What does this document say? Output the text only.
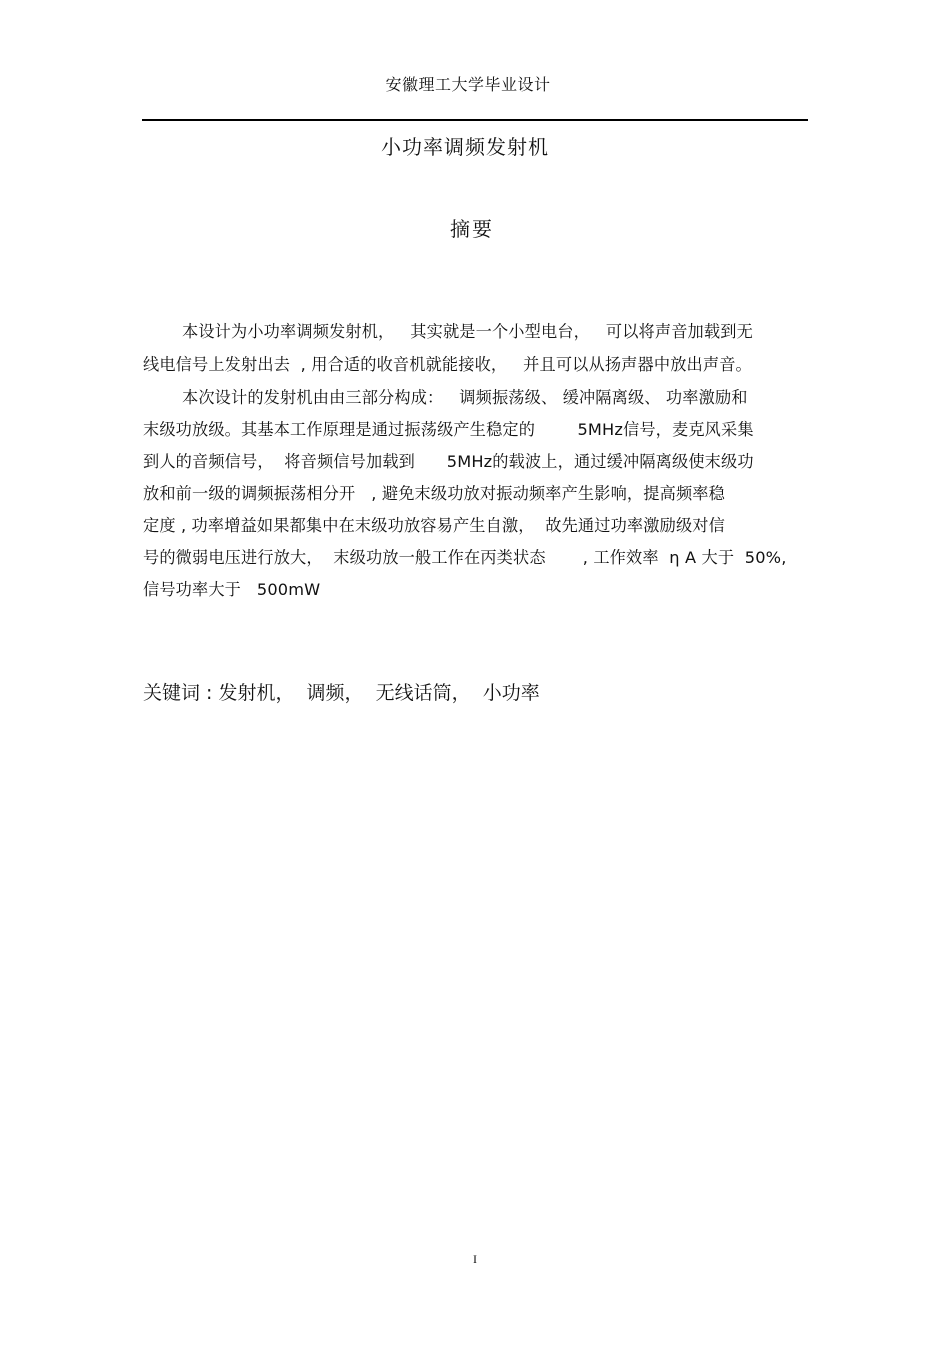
安徽理工大学毕业设计
小功率调频发射机
摘要
本设计为小功率调频发射机，   其实就是一个小型电台，   可以将声音加载到无
线电信号上发射出去  , 用合适的收音机就能接收，   并且可以从扬声器中放出声音。
本次设计的发射机由由三部分构成：   调频振荡级、 缓冲隔离级、 功率激励和
末级功放级。其基本工作原理是通过振荡级产生稳定的        5MHz信号，麦克风采集
到人的音频信号，  将音频信号加载到      5MHz的载波上，通过缓冲隔离级使末级功
放和前一级的调频振荡相分开   , 避免末级功放对振动频率产生影响，提高频率稳
定度 , 功率增益如果都集中在末级功放容易产生自激，  故先通过功率激励级对信
号的微弱电压进行放大，  末级功放一般工作在丙类状态       , 工作效率  η A 大于  50%,
信号功率大于   500mW
关键词 : 发射机，  调频，  无线话筒，  小功率
I
